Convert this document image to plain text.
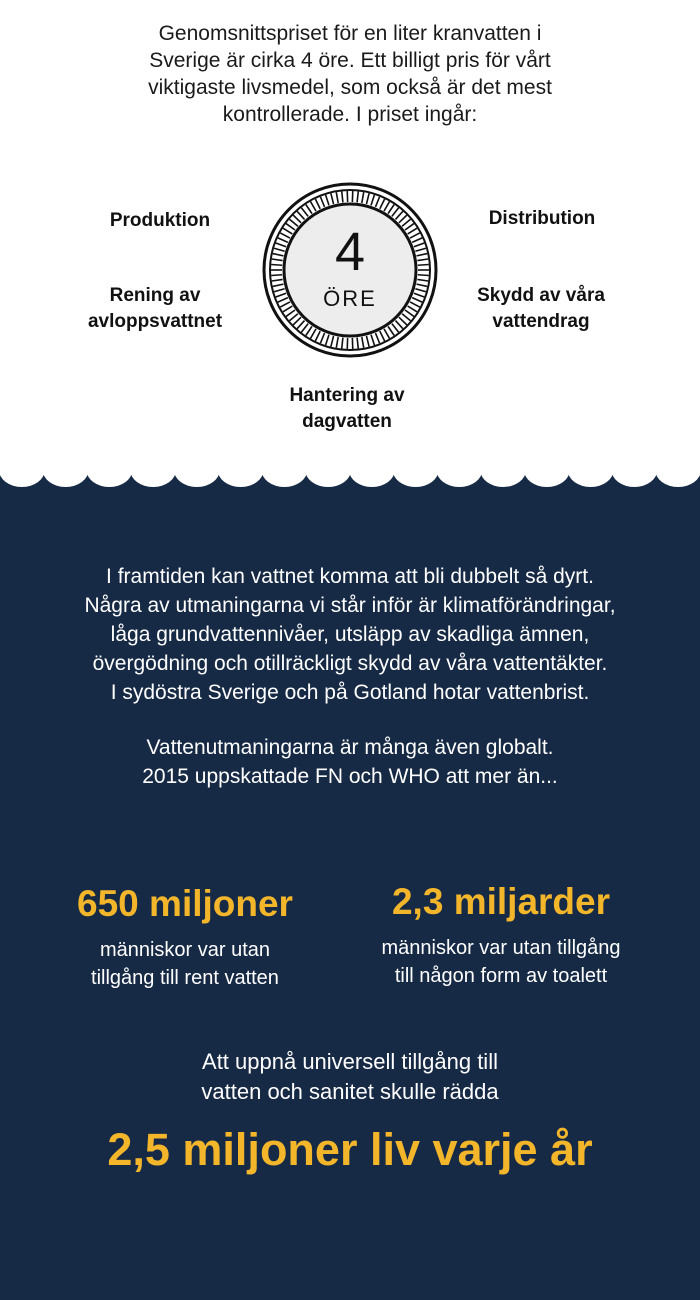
Genomsnittspriset för en liter kranvatten i
Sverige är cirka 4 öre. Ett billigt pris för vårt
viktigaste livsmedel, som också är det mest
kontrollerade. I priset ingår:
Produktion	Distribution
Rening av
avloppsvattnet
Skydd av våra
vattendrag
Hantering av
dagvatten
4
ÖRE
I framtiden kan vattnet komma att bli dubbelt så dyrt.
Några av utmaningarna vi står inför är klimatförändringar,
låga grundvattennivåer, utsläpp av skadliga ämnen,
övergödning och otillräckligt skydd av våra vattentäkter.
I sydöstra Sverige och på Gotland hotar vattenbrist.
Vattenutmaningarna är många även globalt.
2015 uppskattade FN och WHO att mer än...
650 miljoner
människor var utan
tillgång till rent vatten
2,3 miljarder
människor var utan tillgång
till någon form av toalett
Att uppnå universell tillgång till
vatten och sanitet skulle rädda
2,5 miljoner liv varje år
